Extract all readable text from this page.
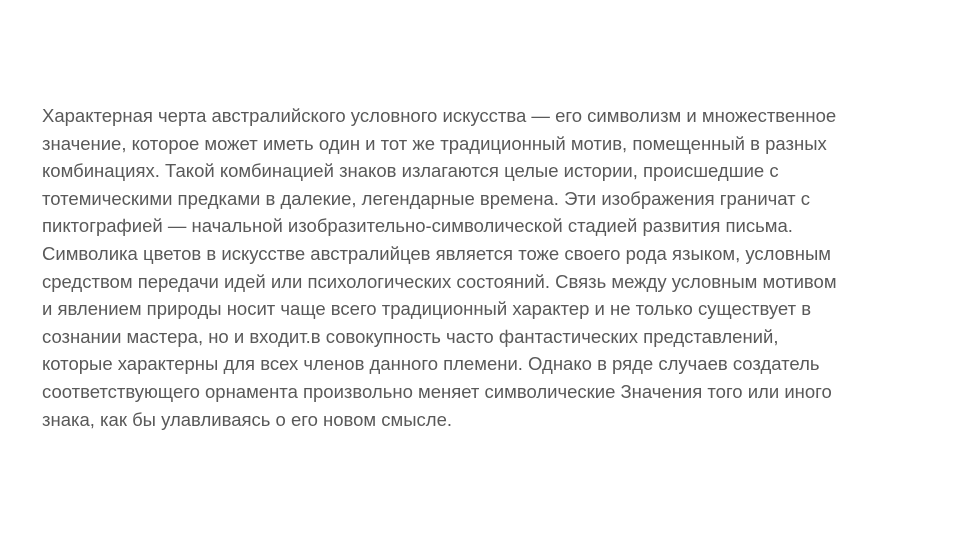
Характерная черта австралийского условного искусства — его символизм и множественное
значение, которое может иметь один и тот же традиционный мотив, помещенный в разных
комбинациях. Такой комбинацией знаков излагаются целые истории, происшедшие с
тотемическими предками в далекие, легендарные времена. Эти изображения граничат с
пиктографией — начальной изобразительно-символической стадией развития письма.
Символика цветов в искусстве австралийцев является тоже своего рода языком, условным
средством передачи идей или психологических состояний. Связь между условным мотивом
и явлением природы носит чаще всего традиционный характер и не только существует в
сознании мастера, но и входит.в совокупность часто фантастических представлений,
которые характерны для всех членов данного племени. Однако в ряде случаев создатель
соответствующего орнамента произвольно меняет символические Значения того или иного
знака, как бы улавливаясь о его новом смысле.
